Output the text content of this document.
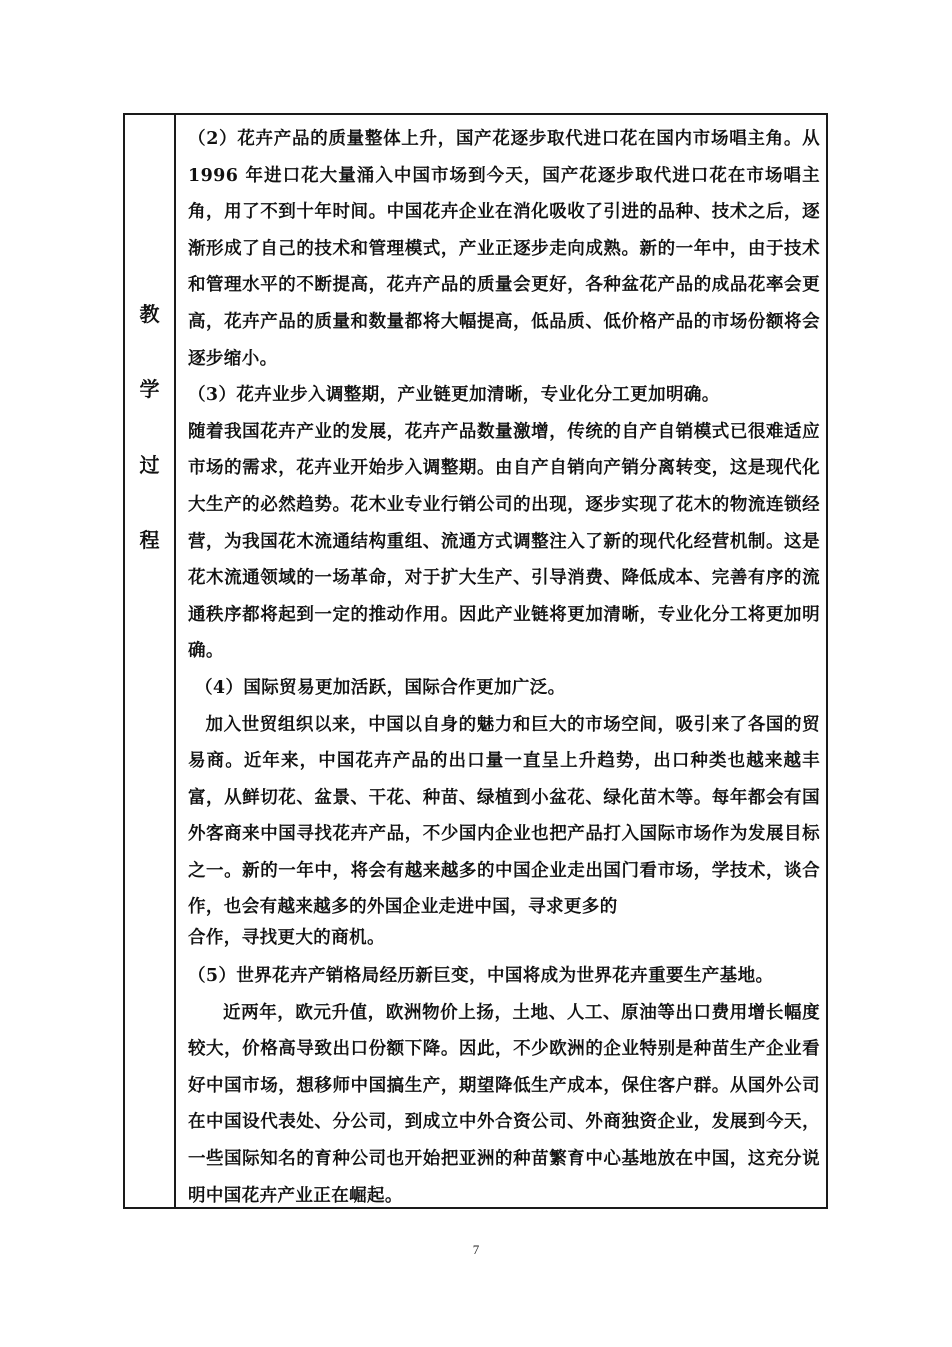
教
学
过
程

（2）花卉产品的质量整体上升，国产花逐步取代进口花在国内市场唱主角。从 1996 年进口花大量涌入中国市场到今天，国产花逐步取代进口花在市场唱主角，用了不到十年时间。中国花卉企业在消化吸收了引进的品种、技术之后，逐渐形成了自己的技术和管理模式，产业正逐步走向成熟。新的一年中，由于技术和管理水平的不断提高，花卉产品的质量会更好，各种盆花产品的成品花率会更高，花卉产品的质量和数量都将大幅提高，低品质、低价格产品的市场份额将会逐步缩小。

（3）花卉业步入调整期，产业链更加清晰，专业化分工更加明确。

随着我国花卉产业的发展，花卉产品数量激增，传统的自产自销模式已很难适应市场的需求，花卉业开始步入调整期。由自产自销向产销分离转变，这是现代化大生产的必然趋势。花木业专业行销公司的出现，逐步实现了花木的物流连锁经营，为我国花木流通结构重组、流通方式调整注入了新的现代化经营机制。这是花木流通领域的一场革命，对于扩大生产、引导消费、降低成本、完善有序的流通秩序都将起到一定的推动作用。因此产业链将更加清晰，专业化分工将更加明确。

（4）国际贸易更加活跃，国际合作更加广泛。

加入世贸组织以来，中国以自身的魅力和巨大的市场空间，吸引来了各国的贸易商。近年来，中国花卉产品的出口量一直呈上升趋势，出口种类也越来越丰富，从鲜切花、盆景、干花、种苗、绿植到小盆花、绿化苗木等。每年都会有国外客商来中国寻找花卉产品，不少国内企业也把产品打入国际市场作为发展目标之一。新的一年中，将会有越来越多的中国企业走出国门看市场，学技术，谈合作，也会有越来越多的外国企业走进中国，寻求更多的

合作，寻找更大的商机。

（5）世界花卉产销格局经历新巨变，中国将成为世界花卉重要生产基地。

近两年，欧元升值，欧洲物价上扬，土地、人工、原油等出口费用增长幅度较大，价格高导致出口份额下降。因此，不少欧洲的企业特别是种苗生产企业看好中国市场，想移师中国搞生产，期望降低生产成本，保住客户群。从国外公司在中国设代表处、分公司，到成立中外合资公司、外商独资企业，发展到今天，一些国际知名的育种公司也开始把亚洲的种苗繁育中心基地放在中国，这充分说明中国花卉产业正在崛起。

7
